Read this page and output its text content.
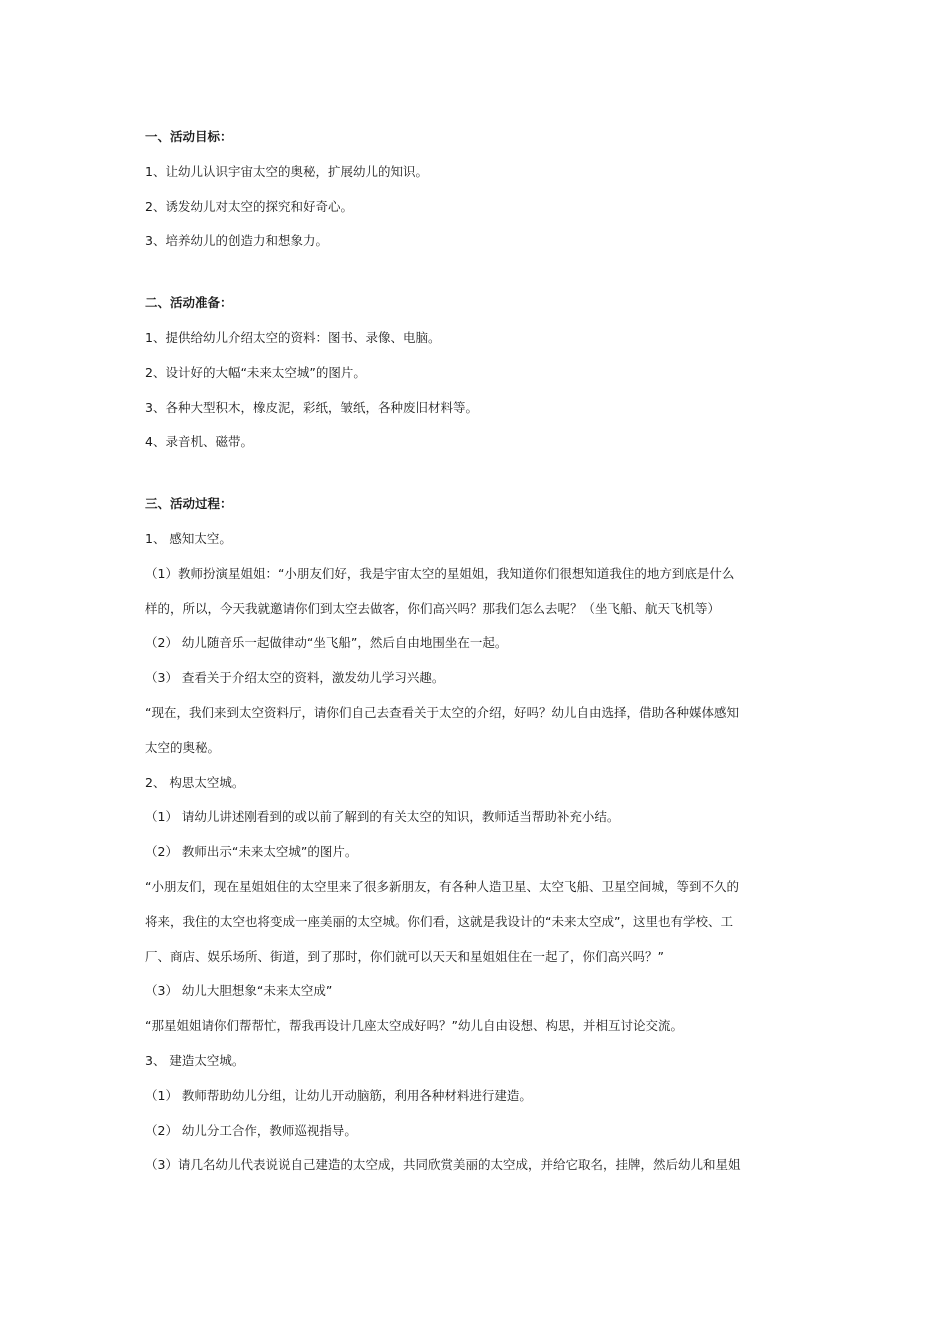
一、活动目标：
1、让幼儿认识宇宙太空的奥秘，扩展幼儿的知识。
2、诱发幼儿对太空的探究和好奇心。
3、培养幼儿的创造力和想象力。
二、活动准备：
1、提供给幼儿介绍太空的资料：图书、录像、电脑。
2、设计好的大幅“未来太空城”的图片。
3、各种大型积木，橡皮泥，彩纸，皱纸，各种废旧材料等。
4、录音机、磁带。
三、活动过程：
1、 感知太空。
（1）教师扮演星姐姐：“小朋友们好，我是宇宙太空的星姐姐，我知道你们很想知道我住的地方到底是什么
样的，所以，今天我就邀请你们到太空去做客，你们高兴吗？那我们怎么去呢？（坐飞船、航天飞机等）
（2） 幼儿随音乐一起做律动“坐飞船”，然后自由地围坐在一起。
（3） 查看关于介绍太空的资料，激发幼儿学习兴趣。
“现在，我们来到太空资料厅，请你们自己去查看关于太空的介绍，好吗？幼儿自由选择，借助各种媒体感知
太空的奥秘。
2、 构思太空城。
（1） 请幼儿讲述刚看到的或以前了解到的有关太空的知识，教师适当帮助补充小结。
（2） 教师出示“未来太空城”的图片。
“小朋友们，现在星姐姐住的太空里来了很多新朋友，有各种人造卫星、太空飞船、卫星空间城，等到不久的
将来，我住的太空也将变成一座美丽的太空城。你们看，这就是我设计的“未来太空成”，这里也有学校、工
厂、商店、娱乐场所、街道，到了那时，你们就可以天天和星姐姐住在一起了，你们高兴吗？”
（3） 幼儿大胆想象“未来太空成”
“那星姐姐请你们帮帮忙，帮我再设计几座太空成好吗？”幼儿自由设想、构思，并相互讨论交流。
3、 建造太空城。
（1） 教师帮助幼儿分组，让幼儿开动脑筋，利用各种材料进行建造。
（2） 幼儿分工合作，教师巡视指导。
（3）请几名幼儿代表说说自己建造的太空成，共同欣赏美丽的太空成，并给它取名，挂牌，然后幼儿和星姐
